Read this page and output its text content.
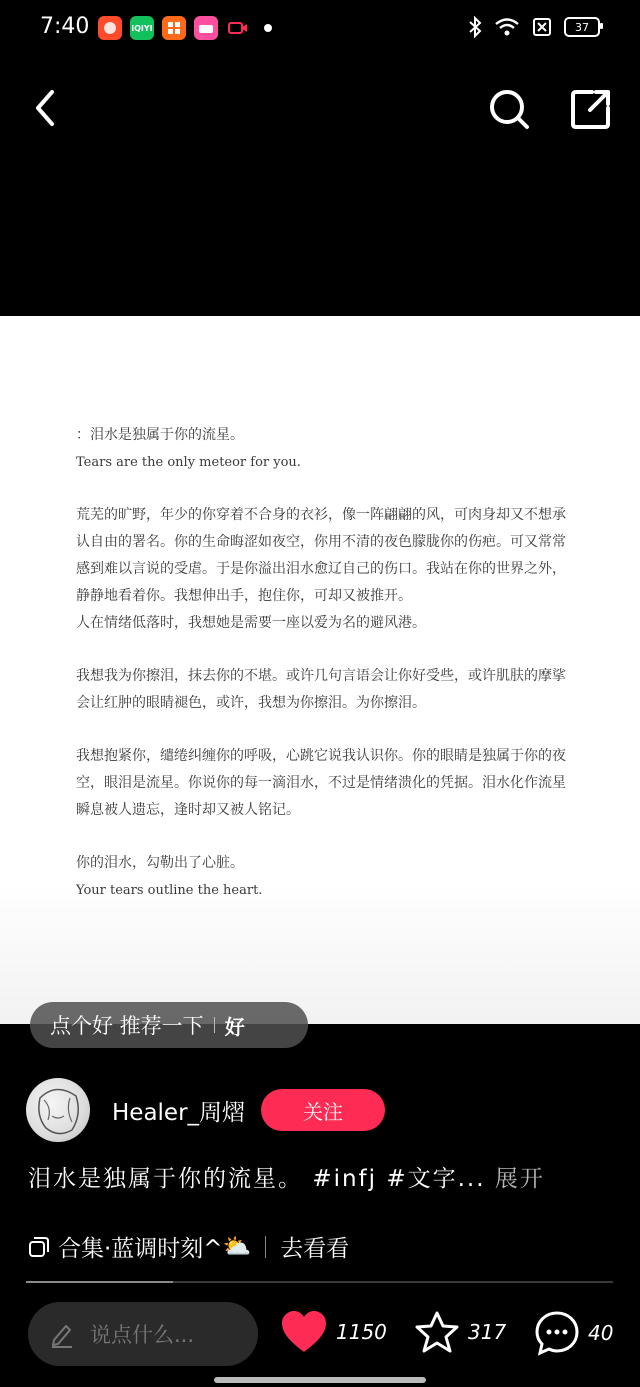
7:40	iQIYI	37

：泪水是独属于你的流星。
Tears are the only meteor for you.

荒芜的旷野，年少的你穿着不合身的衣衫，像一阵翩翩的风，可肉身却又不想承认自由的署名。你的生命晦涩如夜空，你用不清的夜色朦胧你的伤疤。可又常常感到难以言说的受虐。于是你溢出泪水愈辽自己的伤口。我站在你的世界之外，静静地看着你。我想伸出手，抱住你，可却又被推开。
人在情绪低落时，我想她是需要一座以爱为名的避风港。

我想我为你擦泪，抹去你的不堪。或许几句言语会让你好受些，或许肌肤的摩挲会让红肿的眼睛褪色，或许，我想为你擦泪。为你擦泪。

我想抱紧你，缱绻纠缠你的呼吸，心跳它说我认识你。你的眼睛是独属于你的夜空，眼泪是流星。你说你的每一滴泪水，不过是情绪溃化的凭据。泪水化作流星瞬息被人遗忘，逢时却又被人铭记。

你的泪水，勾勒出了心脏。
Your tears outline the heart.

点个好 推荐一下 好
Healer_周熠	关注
泪水是独属于你的流星。 #infj #文字... 展开
合集·蓝调时刻^ ⛅ 去看看
说点什么...	1150	317	40
